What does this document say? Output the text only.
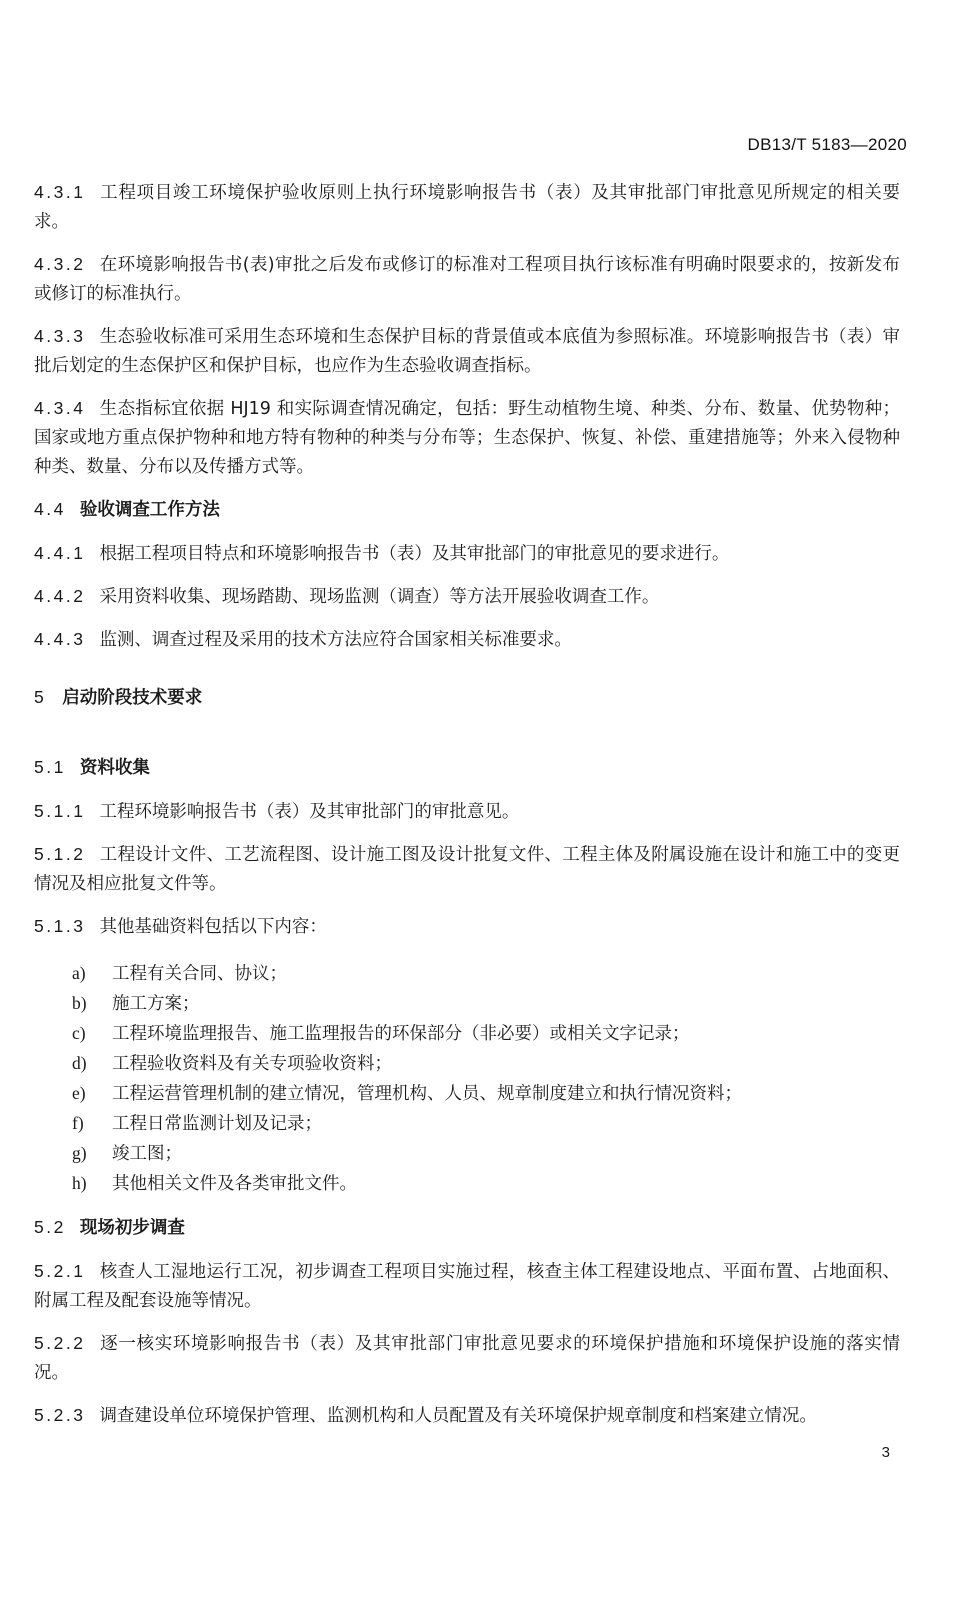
DB13/T 5183—2020
4.3.1 工程项目竣工环境保护验收原则上执行环境影响报告书（表）及其审批部门审批意见所规定的相关要求。
4.3.2 在环境影响报告书(表)审批之后发布或修订的标准对工程项目执行该标准有明确时限要求的，按新发布或修订的标准执行。
4.3.3 生态验收标准可采用生态环境和生态保护目标的背景值或本底值为参照标准。环境影响报告书（表）审批后划定的生态保护区和保护目标，也应作为生态验收调查指标。
4.3.4 生态指标宜依据 HJ19 和实际调查情况确定，包括：野生动植物生境、种类、分布、数量、优势物种；国家或地方重点保护物种和地方特有物种的种类与分布等；生态保护、恢复、补偿、重建措施等；外来入侵物种种类、数量、分布以及传播方式等。
4.4 验收调查工作方法
4.4.1 根据工程项目特点和环境影响报告书（表）及其审批部门的审批意见的要求进行。
4.4.2 采用资料收集、现场踏勘、现场监测（调查）等方法开展验收调查工作。
4.4.3 监测、调查过程及采用的技术方法应符合国家相关标准要求。
5 启动阶段技术要求
5.1 资料收集
5.1.1 工程环境影响报告书（表）及其审批部门的审批意见。
5.1.2 工程设计文件、工艺流程图、设计施工图及设计批复文件、工程主体及附属设施在设计和施工中的变更情况及相应批复文件等。
5.1.3 其他基础资料包括以下内容：
a) 工程有关合同、协议；
b) 施工方案；
c) 工程环境监理报告、施工监理报告的环保部分（非必要）或相关文字记录；
d) 工程验收资料及有关专项验收资料；
e) 工程运营管理机制的建立情况，管理机构、人员、规章制度建立和执行情况资料；
f) 工程日常监测计划及记录；
g) 竣工图；
h) 其他相关文件及各类审批文件。
5.2 现场初步调查
5.2.1 核查人工湿地运行工况，初步调查工程项目实施过程，核查主体工程建设地点、平面布置、占地面积、附属工程及配套设施等情况。
5.2.2 逐一核实环境影响报告书（表）及其审批部门审批意见要求的环境保护措施和环境保护设施的落实情况。
5.2.3 调查建设单位环境保护管理、监测机构和人员配置及有关环境保护规章制度和档案建立情况。
3
